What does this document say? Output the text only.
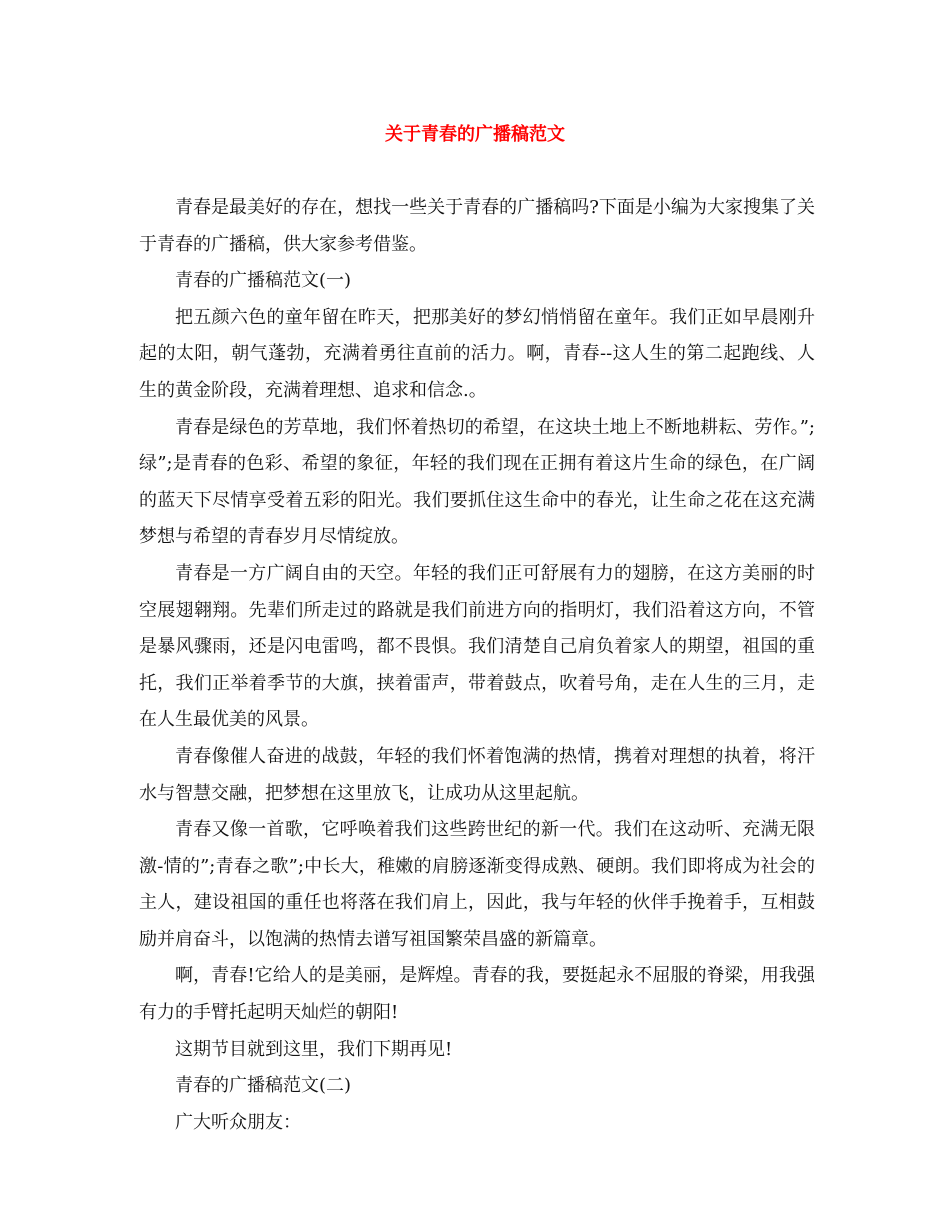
关于青春的广播稿范文

青春是最美好的存在，想找一些关于青春的广播稿吗?下面是小编为大家搜集了关于青春的广播稿，供大家参考借鉴。

青春的广播稿范文(一)

把五颜六色的童年留在昨天，把那美好的梦幻悄悄留在童年。我们正如早晨刚升起的太阳，朝气蓬勃，充满着勇往直前的活力。啊，青春--这人生的第二起跑线、人生的黄金阶段，充满着理想、追求和信念.。

青春是绿色的芳草地，我们怀着热切的希望，在这块土地上不断地耕耘、劳作。”;绿”;是青春的色彩、希望的象征，年轻的我们现在正拥有着这片生命的绿色，在广阔的蓝天下尽情享受着五彩的阳光。我们要抓住这生命中的春光，让生命之花在这充满梦想与希望的青春岁月尽情绽放。

青春是一方广阔自由的天空。年轻的我们正可舒展有力的翅膀，在这方美丽的时空展翅翱翔。先辈们所走过的路就是我们前进方向的指明灯，我们沿着这方向，不管是暴风骤雨，还是闪电雷鸣，都不畏惧。我们清楚自己肩负着家人的期望，祖国的重托，我们正举着季节的大旗，挟着雷声，带着鼓点，吹着号角，走在人生的三月，走在人生最优美的风景。

青春像催人奋进的战鼓，年轻的我们怀着饱满的热情，携着对理想的执着，将汗水与智慧交融，把梦想在这里放飞，让成功从这里起航。

青春又像一首歌，它呼唤着我们这些跨世纪的新一代。我们在这动听、充满无限激-情的”;青春之歌”;中长大，稚嫩的肩膀逐渐变得成熟、硬朗。我们即将成为社会的主人，建设祖国的重任也将落在我们肩上，因此，我与年轻的伙伴手挽着手，互相鼓励并肩奋斗，以饱满的热情去谱写祖国繁荣昌盛的新篇章。

啊，青春!它给人的是美丽，是辉煌。青春的我，要挺起永不屈服的脊梁，用我强有力的手臂托起明天灿烂的朝阳!

这期节目就到这里，我们下期再见!

青春的广播稿范文(二)

广大听众朋友：
